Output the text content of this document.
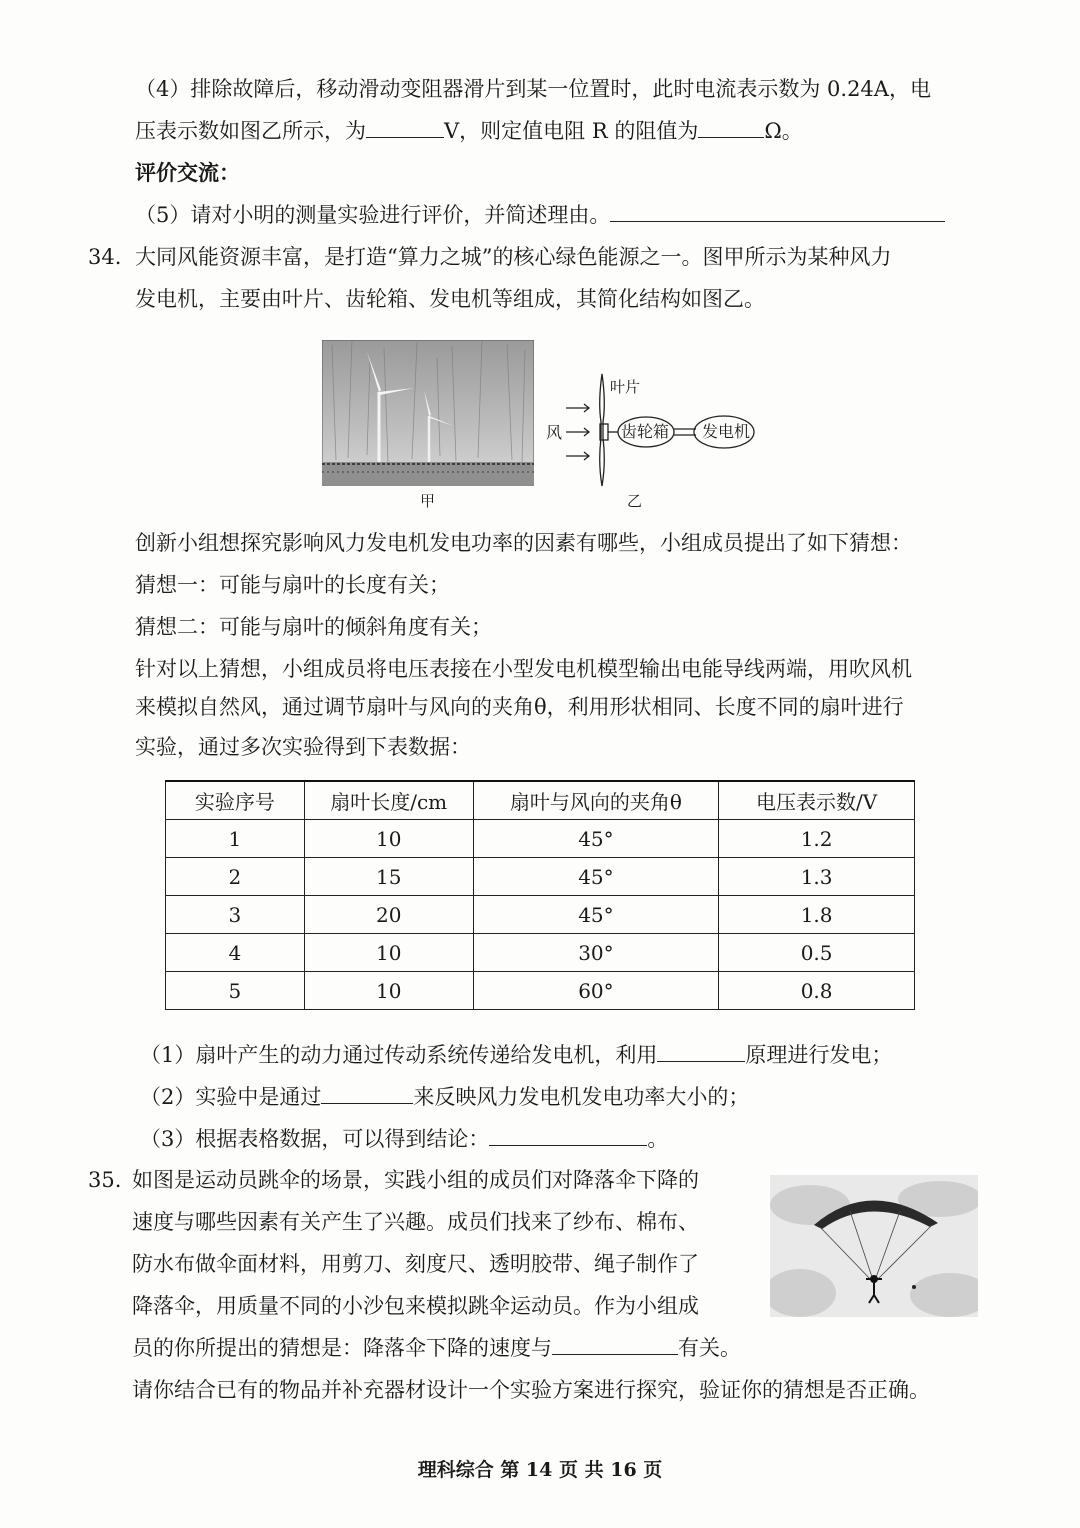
（4）排除故障后，移动滑动变阻器滑片到某一位置时，此时电流表示数为 0.24A，电
压表示数如图乙所示，为	V，则定值电阻 R 的阻值为	Ω。
评价交流：
（5）请对小明的测量实验进行评价，并简述理由。
34. 大同风能资源丰富，是打造“算力之城”的核心绿色能源之一。图甲所示为某种风力
发电机，主要由叶片、齿轮箱、发电机等组成，其简化结构如图乙。
甲
叶片
风	齿轮箱 发电机
乙
创新小组想探究影响风力发电机发电功率的因素有哪些，小组成员提出了如下猜想：
猜想一：可能与扇叶的长度有关；
猜想二：可能与扇叶的倾斜角度有关；
针对以上猜想，小组成员将电压表接在小型发电机模型输出电能导线两端，用吹风机
来模拟自然风，通过调节扇叶与风向的夹角θ，利用形状相同、长度不同的扇叶进行
实验，通过多次实验得到下表数据：
实验序号	扇叶长度/cm	扇叶与风向的夹角θ	电压表示数/V
1	10	45°	1.2
2	15	45°	1.3
3	20	45°	1.8
4	10	30°	0.5
5	10	60°	0.8
（1）扇叶产生的动力通过传动系统传递给发电机，利用	原理进行发电；
（2）实验中是通过	来反映风力发电机发电功率大小的；
（3）根据表格数据，可以得到结论：	。
35. 如图是运动员跳伞的场景，实践小组的成员们对降落伞下降的
速度与哪些因素有关产生了兴趣。成员们找来了纱布、棉布、
防水布做伞面材料，用剪刀、刻度尺、透明胶带、绳子制作了
降落伞，用质量不同的小沙包来模拟跳伞运动员。作为小组成
员的你所提出的猜想是：降落伞下降的速度与	有关。
请你结合已有的物品并补充器材设计一个实验方案进行探究，验证你的猜想是否正确。
理科综合 第 14 页 共 16 页
